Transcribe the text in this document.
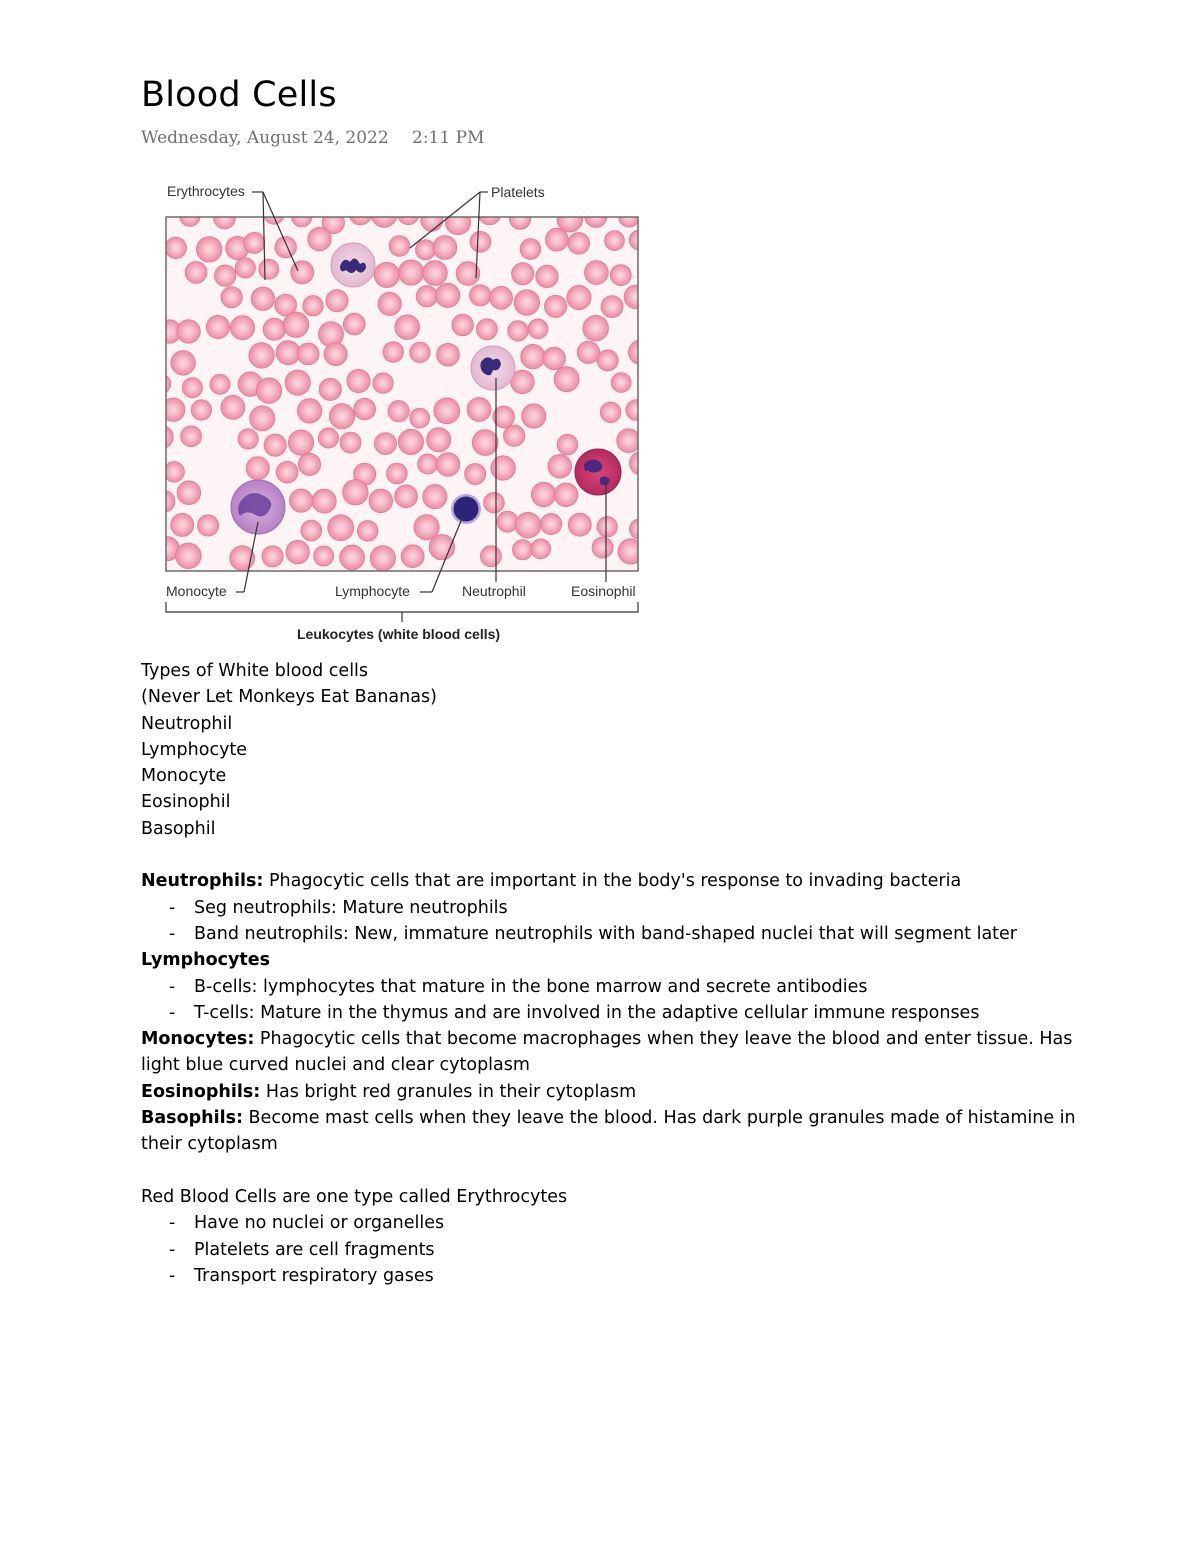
Blood Cells
Wednesday, August 24, 2022 2:11 PM
Erythrocytes	Platelets
Monocyte	Lymphocyte	Neutrophil	Eosinophil
Leukocytes (white blood cells)

Types of White blood cells

(Never Let Monkeys Eat Bananas)

Neutrophil

Lymphocyte

Monocyte

Eosinophil

Basophil

Neutrophils: Phagocytic cells that are important in the body's response to invading bacteria

- Seg neutrophils: Mature neutrophils
- Band neutrophils: New, immature neutrophils with band-shaped nuclei that will segment later

Lymphocytes

- B-cells: lymphocytes that mature in the bone marrow and secrete antibodies
- T-cells: Mature in the thymus and are involved in the adaptive cellular immune responses

Monocytes: Phagocytic cells that become macrophages when they leave the blood and enter tissue. Has light blue curved nuclei and clear cytoplasm

Eosinophils: Has bright red granules in their cytoplasm

Basophils: Become mast cells when they leave the blood. Has dark purple granules made of histamine in their cytoplasm

Red Blood Cells are one type called Erythrocytes

- Have no nuclei or organelles
- Platelets are cell fragments
- Transport respiratory gases
